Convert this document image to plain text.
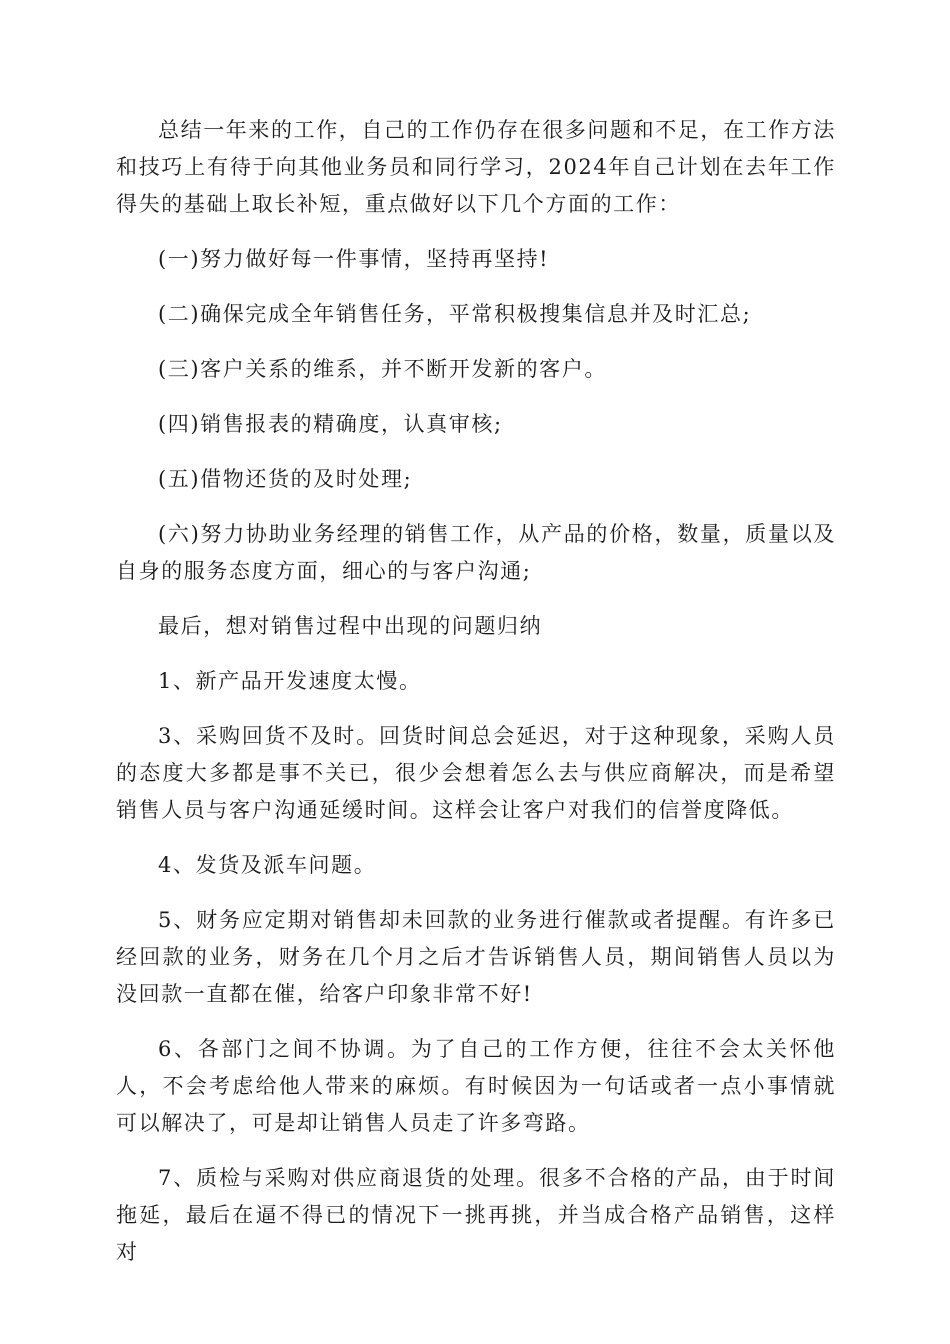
总结一年来的工作，自己的工作仍存在很多问题和不足，在工作方法和技巧上有待于向其他业务员和同行学习，2024年自己计划在去年工作得失的基础上取长补短，重点做好以下几个方面的工作：

(一)努力做好每一件事情，坚持再坚持!

(二)确保完成全年销售任务，平常积极搜集信息并及时汇总;

(三)客户关系的维系，并不断开发新的客户。

(四)销售报表的精确度，认真审核;

(五)借物还货的及时处理;

(六)努力协助业务经理的销售工作，从产品的价格，数量，质量以及自身的服务态度方面，细心的与客户沟通;

最后，想对销售过程中出现的问题归纳

1、新产品开发速度太慢。

3、采购回货不及时。回货时间总会延迟，对于这种现象，采购人员的态度大多都是事不关已，很少会想着怎么去与供应商解决，而是希望销售人员与客户沟通延缓时间。这样会让客户对我们的信誉度降低。

4、发货及派车问题。

5、财务应定期对销售却未回款的业务进行催款或者提醒。有许多已经回款的业务，财务在几个月之后才告诉销售人员，期间销售人员以为没回款一直都在催，给客户印象非常不好!

6、各部门之间不协调。为了自己的工作方便，往往不会太关怀他人，不会考虑给他人带来的麻烦。有时候因为一句话或者一点小事情就可以解决了，可是却让销售人员走了许多弯路。

7、质检与采购对供应商退货的处理。很多不合格的产品，由于时间拖延，最后在逼不得已的情况下一挑再挑，并当成合格产品销售，这样对
